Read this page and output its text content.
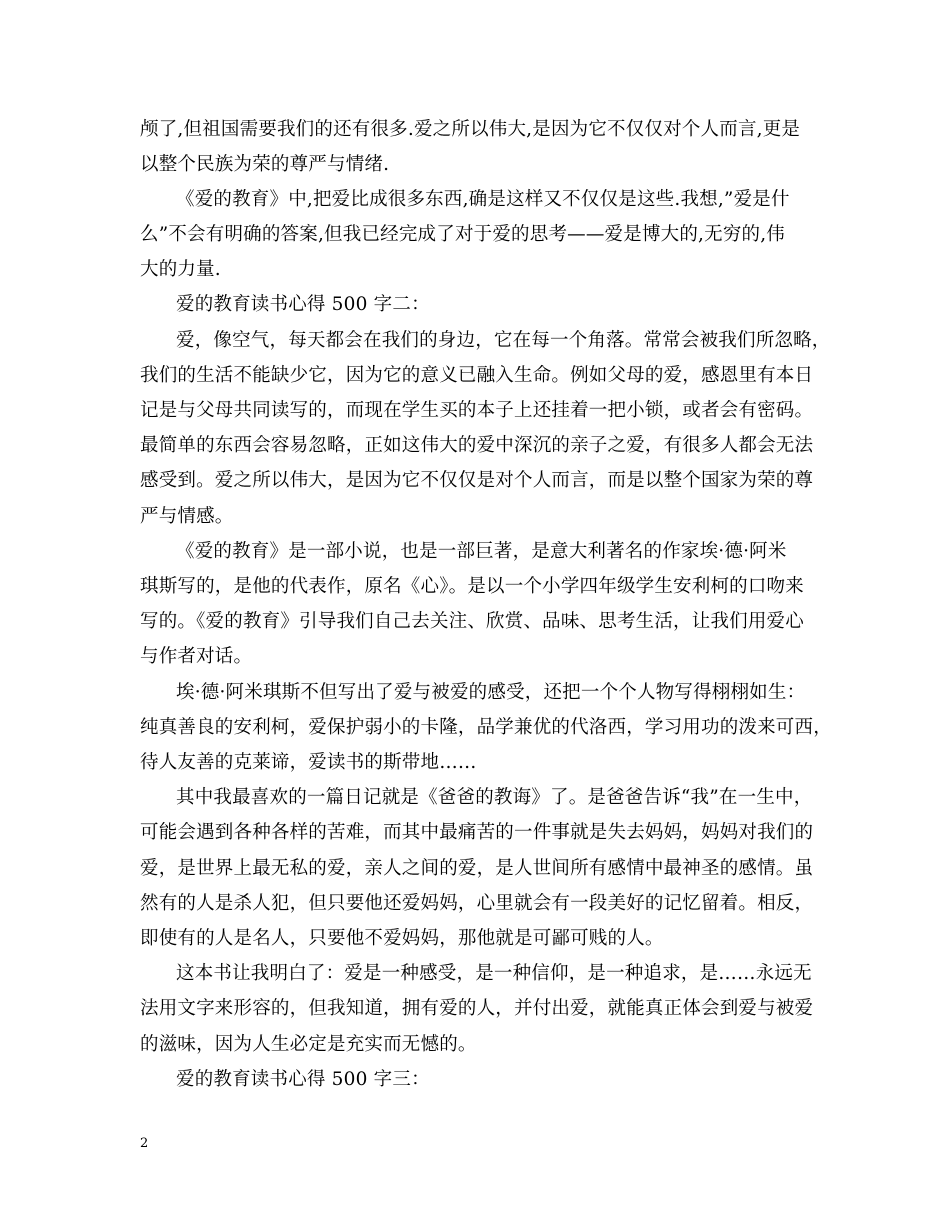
颅了,但祖国需要我们的还有很多.爱之所以伟大,是因为它不仅仅对个人而言,更是
以整个民族为荣的尊严与情绪.
《爱的教育》中,把爱比成很多东西,确是这样又不仅仅是这些.我想,”爱是什
么”不会有明确的答案,但我已经完成了对于爱的思考——爱是博大的,无穷的,伟
大的力量.
爱的教育读书心得 500 字二：
爱，像空气，每天都会在我们的身边，它在每一个角落。常常会被我们所忽略，
我们的生活不能缺少它，因为它的意义已融入生命。例如父母的爱，感恩里有本日
记是与父母共同读写的，而现在学生买的本子上还挂着一把小锁，或者会有密码。
最简单的东西会容易忽略，正如这伟大的爱中深沉的亲子之爱，有很多人都会无法
感受到。爱之所以伟大，是因为它不仅仅是对个人而言，而是以整个国家为荣的尊
严与情感。
《爱的教育》是一部小说，也是一部巨著，是意大利著名的作家埃·德·阿米
琪斯写的，是他的代表作，原名《心》。是以一个小学四年级学生安利柯的口吻来
写的。《爱的教育》引导我们自己去关注、欣赏、品味、思考生活，让我们用爱心
与作者对话。
埃·德·阿米琪斯不但写出了爱与被爱的感受，还把一个个人物写得栩栩如生：
纯真善良的安利柯，爱保护弱小的卡隆，品学兼优的代洛西，学习用功的泼来可西，
待人友善的克莱谛，爱读书的斯带地……
其中我最喜欢的一篇日记就是《爸爸的教诲》了。是爸爸告诉“我”在一生中，
可能会遇到各种各样的苦难，而其中最痛苦的一件事就是失去妈妈，妈妈对我们的
爱，是世界上最无私的爱，亲人之间的爱，是人世间所有感情中最神圣的感情。虽
然有的人是杀人犯，但只要他还爱妈妈，心里就会有一段美好的记忆留着。相反，
即使有的人是名人，只要他不爱妈妈，那他就是可鄙可贱的人。
这本书让我明白了：爱是一种感受，是一种信仰，是一种追求，是……永远无
法用文字来形容的，但我知道，拥有爱的人，并付出爱，就能真正体会到爱与被爱
的滋味，因为人生必定是充实而无憾的。
爱的教育读书心得 500 字三：
2
